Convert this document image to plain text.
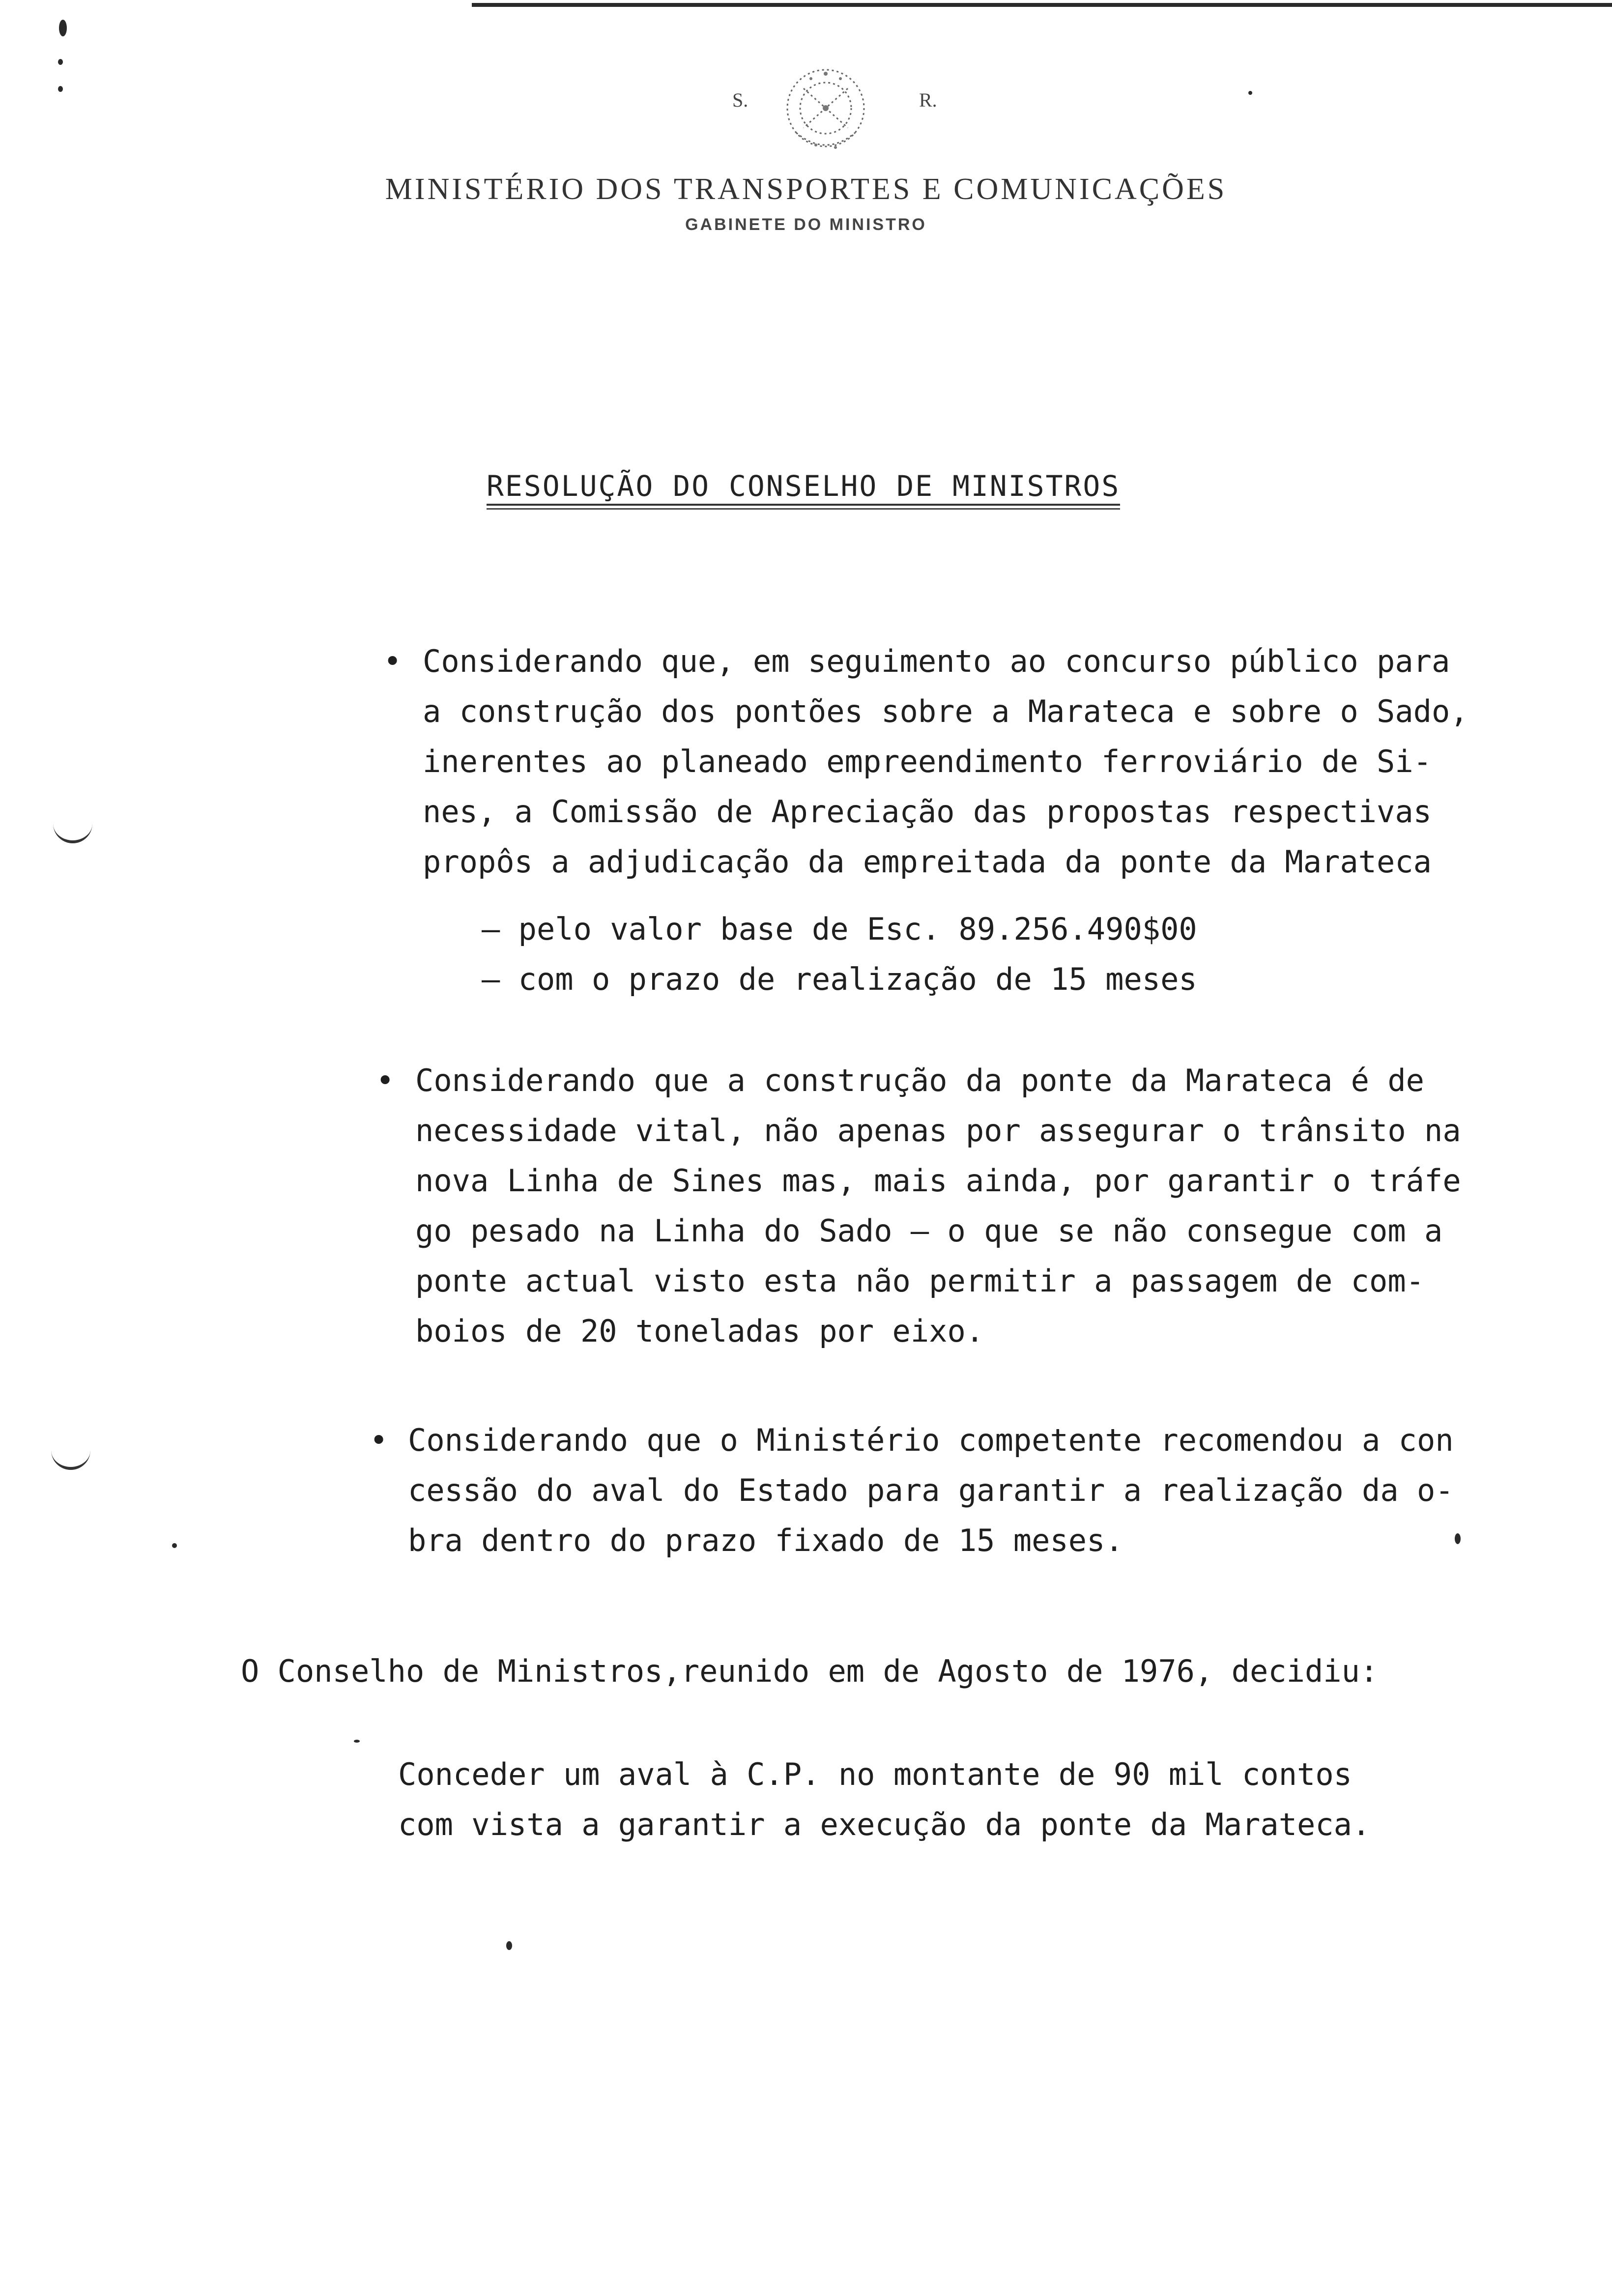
S.	R.
MINISTÉRIO DOS TRANSPORTES E COMUNICAÇÕES
GABINETE DO MINISTRO
RESOLUÇÃO DO CONSELHO DE MINISTROS
• Considerando que, em seguimento ao concurso público para
a construção dos pontões sobre a Marateca e sobre o Sado,
inerentes ao planeado empreendimento ferroviário de Si-
nes, a Comissão de Apreciação das propostas respectivas
propôs a adjudicação da empreitada da ponte da Marateca
— pelo valor base de Esc. 89.256.490$00
— com o prazo de realização de 15 meses
• Considerando que a construção da ponte da Marateca é de
necessidade vital, não apenas por assegurar o trânsito na
nova Linha de Sines mas, mais ainda, por garantir o tráfe
go pesado na Linha do Sado — o que se não consegue com a
ponte actual visto esta não permitir a passagem de com-
boios de 20 toneladas por eixo.
• Considerando que o Ministério competente recomendou a con
cessão do aval do Estado para garantir a realização da o-
bra dentro do prazo fixado de 15 meses.
O Conselho de Ministros,reunido em de Agosto de 1976, decidiu:
Conceder um aval à C.P. no montante de 90 mil contos
com vista a garantir a execução da ponte da Marateca.
